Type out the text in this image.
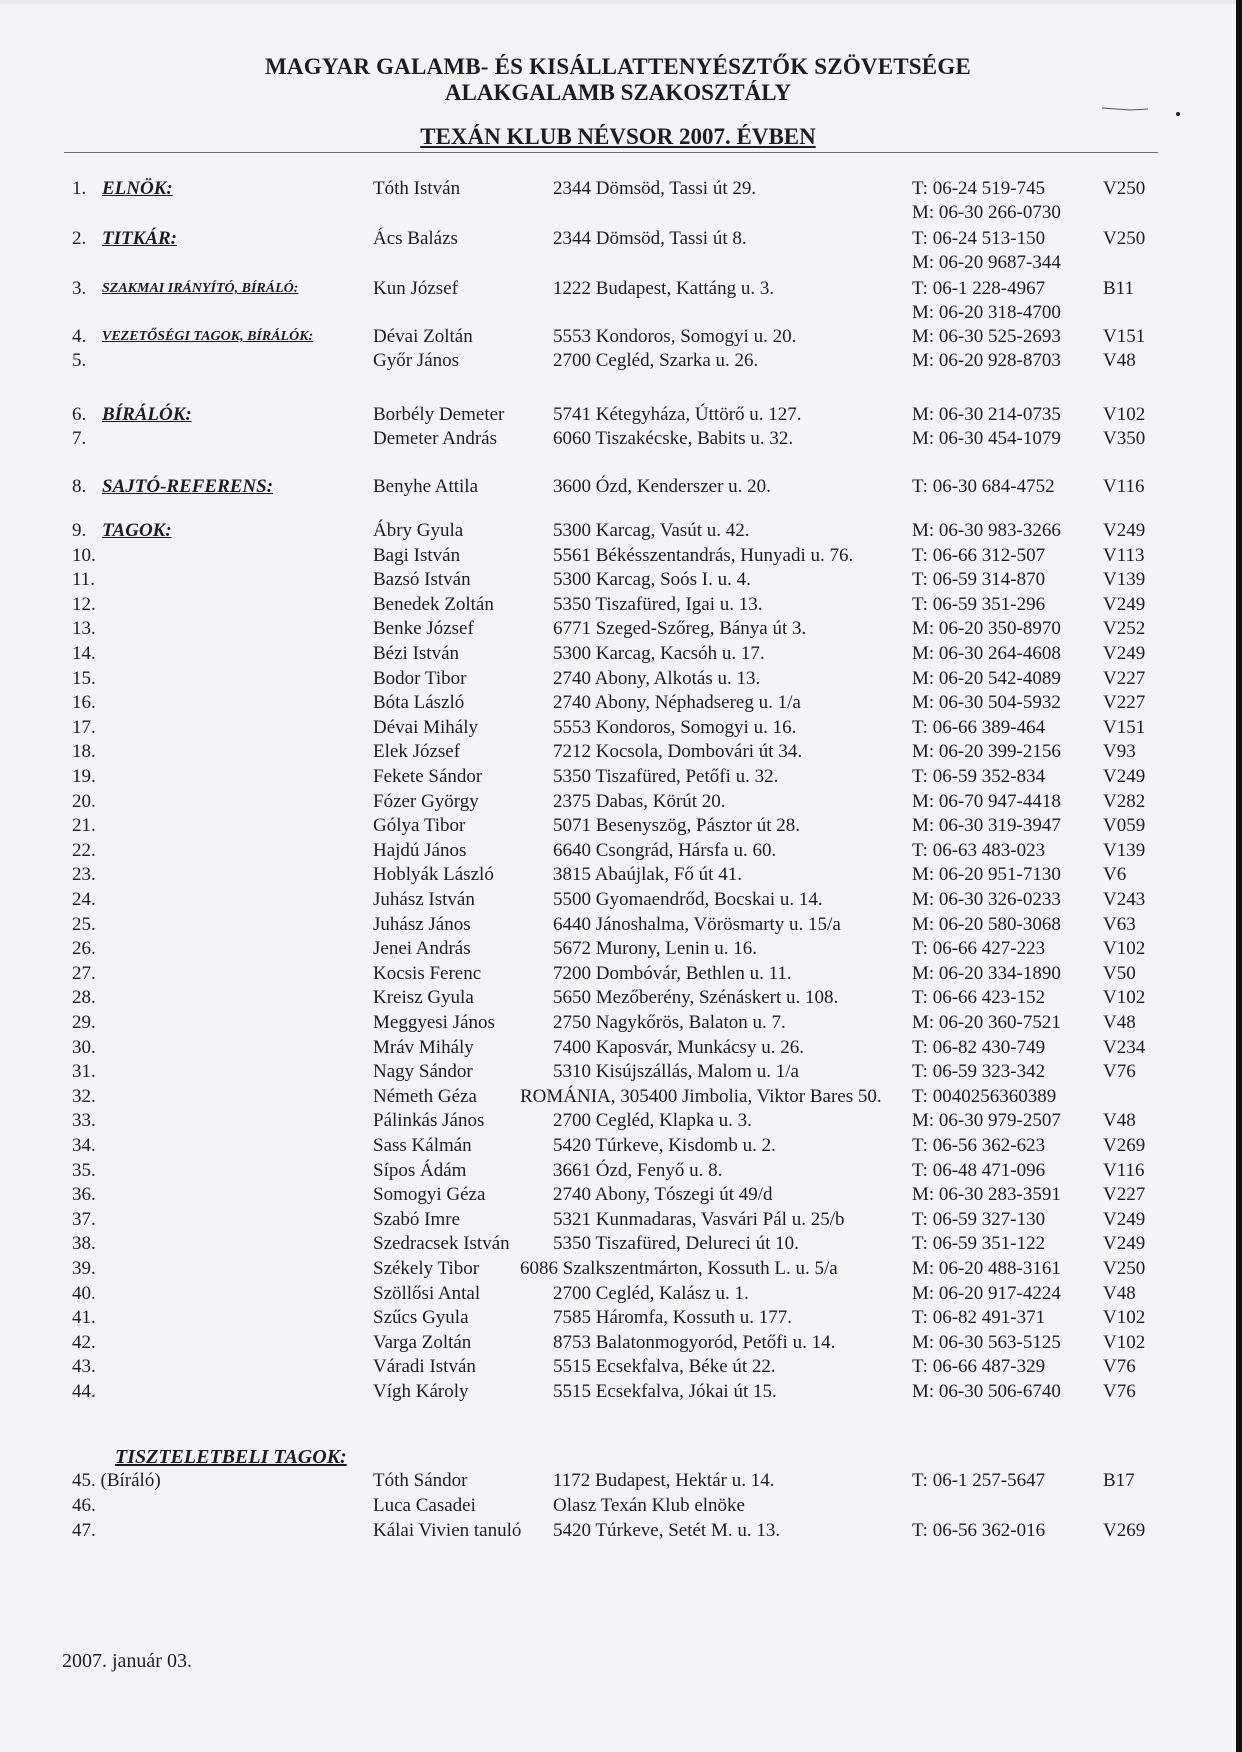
MAGYAR GALAMB- ÉS KISÁLLATTENYÉSZTŐK SZÖVETSÉGE
ALAKGALAMB SZAKOSZTÁLY
TEXÁN KLUB NÉVSOR 2007. ÉVBEN
1. ELNÖK:	Tóth István	2344 Dömsöd, Tassi út 29.	T: 06-24 519-745	V250
M: 06-30 266-0730
2. TITKÁR:	Ács Balázs	2344 Dömsöd, Tassi út 8.	T: 06-24 513-150	V250
M: 06-20 9687-344
3. SZAKMAI IRÁNYÍTÓ, BÍRÁLÓ:	Kun József	1222 Budapest, Kattáng u. 3.	T: 06-1 228-4967	B11
M: 06-20 318-4700
4. VEZETŐSÉGI TAGOK, BÍRÁLÓK:	Dévai Zoltán	5553 Kondoros, Somogyi u. 20.	M: 06-30 525-2693 V151
5.	Győr János	2700 Cegléd, Szarka u. 26.	M: 06-20 928-8703 V48
6. BÍRÁLÓK:	Borbély Demeter	5741 Kétegyháza, Úttörő u. 127.	M: 06-30 214-0735 V102
7.	Demeter András	6060 Tiszakécske, Babits u. 32.	M: 06-30 454-1079 V350
8. SAJTÓ-REFERENS:	Benyhe Attila	3600 Ózd, Kenderszer u. 20.	T: 06-30 684-4752	V116
9. TAGOK:	Ábry Gyula	5300 Karcag, Vasút u. 42.	M: 06-30 983-3266 V249
10.	Bagi István	5561 Békésszentandrás, Hunyadi u. 76.	T: 06-66 312-507	V113
11.	Bazsó István	5300 Karcag, Soós I. u. 4.	T: 06-59 314-870	V139
12.	Benedek Zoltán	5350 Tiszafüred, Igai u. 13.	T: 06-59 351-296	V249
13.	Benke József	6771 Szeged-Szőreg, Bánya út 3.	M: 06-20 350-8970 V252
14.	Bézi István	5300 Karcag, Kacsóh u. 17.	M: 06-30 264-4608 V249
15.	Bodor Tibor	2740 Abony, Alkotás u. 13.	M: 06-20 542-4089 V227
16.	Bóta László	2740 Abony, Néphadsereg u. 1/a	M: 06-30 504-5932 V227
17.	Dévai Mihály	5553 Kondoros, Somogyi u. 16.	T: 06-66 389-464	V151
18.	Elek József	7212 Kocsola, Dombovári út 34.	M: 06-20 399-2156 V93
19.	Fekete Sándor	5350 Tiszafüred, Petőfi u. 32.	T: 06-59 352-834	V249
20.	Fózer György	2375 Dabas, Körút 20.	M: 06-70 947-4418 V282
21.	Gólya Tibor	5071 Besenyszög, Pásztor út 28.	M: 06-30 319-3947 V059
22.	Hajdú János	6640 Csongrád, Hársfa u. 60.	T: 06-63 483-023	V139
23.	Hoblyák László	3815 Abaújlak, Fő út 41.	M: 06-20 951-7130 V6
24.	Juhász István	5500 Gyomaendrőd, Bocskai u. 14.	M: 06-30 326-0233 V243
25.	Juhász János	6440 Jánoshalma, Vörösmarty u. 15/a	M: 06-20 580-3068 V63
26.	Jenei András	5672 Murony, Lenin u. 16.	T: 06-66 427-223	V102
27.	Kocsis Ferenc	7200 Dombóvár, Bethlen u. 11.	M: 06-20 334-1890 V50
28.	Kreisz Gyula	5650 Mezőberény, Szénáskert u. 108.	T: 06-66 423-152	V102
29.	Meggyesi János	2750 Nagykőrös, Balaton u. 7.	M: 06-20 360-7521 V48
30.	Mráv Mihály	7400 Kaposvár, Munkácsy u. 26.	T: 06-82 430-749	V234
31.	Nagy Sándor	5310 Kisújszállás, Malom u. 1/a	T: 06-59 323-342	V76
32.	Németh Géza ROMÁNIA, 305400 Jimbolia, Viktor Bares 50. T: 0040256360389
33.	Pálinkás János	2700 Cegléd, Klapka u. 3.	M: 06-30 979-2507 V48
34.	Sass Kálmán	5420 Túrkeve, Kisdomb u. 2.	T: 06-56 362-623	V269
35.	Sípos Ádám	3661 Ózd, Fenyő u. 8.	T: 06-48 471-096	V116
36.	Somogyi Géza	2740 Abony, Tószegi út 49/d	M: 06-30 283-3591 V227
37.	Szabó Imre	5321 Kunmadaras, Vasvári Pál u. 25/b	T: 06-59 327-130	V249
38.	Szedracsek István 5350 Tiszafüred, Delureci út 10.	T: 06-59 351-122	V249
39.	Székely Tibor 6086 Szalkszentmárton, Kossuth L. u. 5/a	M: 06-20 488-3161 V250
40.	Szöllősi Antal	2700 Cegléd, Kalász u. 1.	M: 06-20 917-4224 V48
41.	Szűcs Gyula	7585 Háromfa, Kossuth u. 177.	T: 06-82 491-371	V102
42.	Varga Zoltán	8753 Balatonmogyoród, Petőfi u. 14.	M: 06-30 563-5125 V102
43.	Váradi István	5515 Ecsekfalva, Béke út 22.	T: 06-66 487-329	V76
44.	Vígh Károly	5515 Ecsekfalva, Jókai út 15.	M: 06-30 506-6740 V76
TISZTELETBELI TAGOK:
45. (Bíráló)	Tóth Sándor	1172 Budapest, Hektár u. 14.	T: 06-1 257-5647	B17
46.	Luca Casadei	Olasz Texán Klub elnöke
47.	Kálai Vivien tanuló 5420 Túrkeve, Setét M. u. 13.	T: 06-56 362-016	V269
2007. január 03.
